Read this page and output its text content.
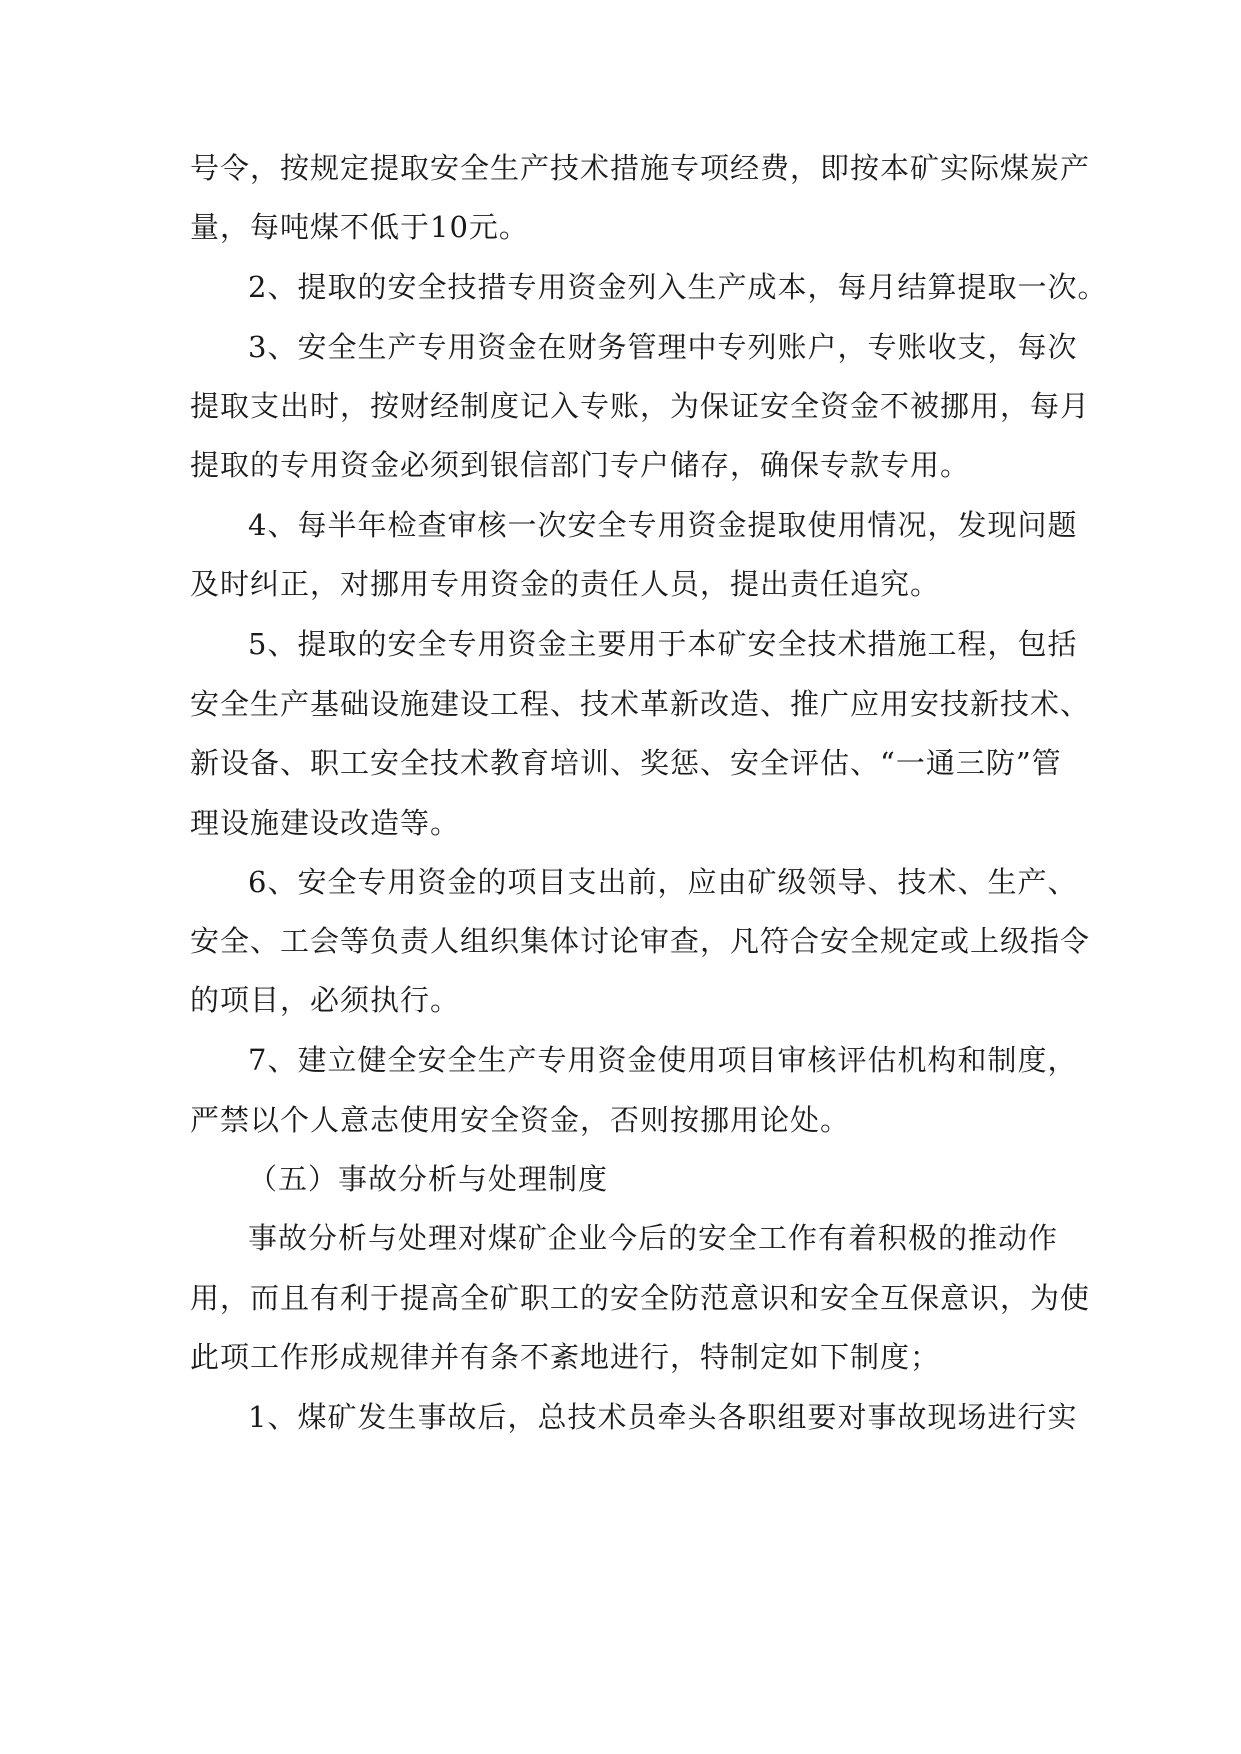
号令，按规定提取安全生产技术措施专项经费，即按本矿实际煤炭产
量，每吨煤不低于10元。
2、提取的安全技措专用资金列入生产成本，每月结算提取一次。
3、安全生产专用资金在财务管理中专列账户，专账收支，每次
提取支出时，按财经制度记入专账，为保证安全资金不被挪用，每月
提取的专用资金必须到银信部门专户储存，确保专款专用。
4、每半年检查审核一次安全专用资金提取使用情况，发现问题
及时纠正，对挪用专用资金的责任人员，提出责任追究。
5、提取的安全专用资金主要用于本矿安全技术措施工程，包括
安全生产基础设施建设工程、技术革新改造、推广应用安技新技术、
新设备、职工安全技术教育培训、奖惩、安全评估、“一通三防”管
理设施建设改造等。
6、安全专用资金的项目支出前，应由矿级领导、技术、生产、
安全、工会等负责人组织集体讨论审查，凡符合安全规定或上级指令
的项目，必须执行。
7、建立健全安全生产专用资金使用项目审核评估机构和制度，
严禁以个人意志使用安全资金，否则按挪用论处。
（五）事故分析与处理制度
事故分析与处理对煤矿企业今后的安全工作有着积极的推动作
用，而且有利于提高全矿职工的安全防范意识和安全互保意识，为使
此项工作形成规律并有条不紊地进行，特制定如下制度；
1、煤矿发生事故后，总技术员牵头各职组要对事故现场进行实
